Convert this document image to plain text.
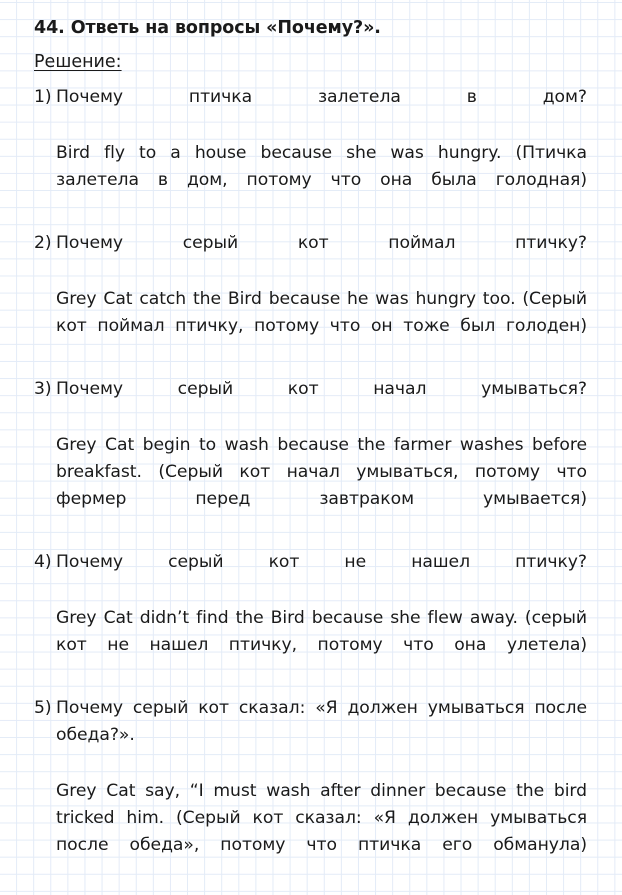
44. Ответь на вопросы «Почему?».
Решение:
1) Почему птичка залетела в дом?
Bird fly to a house because she was hungry. (Птичка залетела в дом, потому что она была голодная)
2) Почему серый кот поймал птичку?
Grey Cat catch the Bird because he was hungry too. (Серый кот поймал птичку, потому что он тоже был голоден)
3) Почему серый кот начал умываться?
Grey Cat begin to wash because the farmer washes before breakfast. (Серый кот начал умываться, потому что фермер перед завтраком умывается)
4) Почему серый кот не нашел птичку?
Grey Cat didn’t find the Bird because she flew away. (серый кот не нашел птичку, потому что она улетела)
5) Почему серый кот сказал: «Я должен умываться после обеда?».
Grey Cat say, “I must wash after dinner because the bird tricked him. (Серый кот сказал: «Я должен умываться после обеда», потому что птичка его обманула)
